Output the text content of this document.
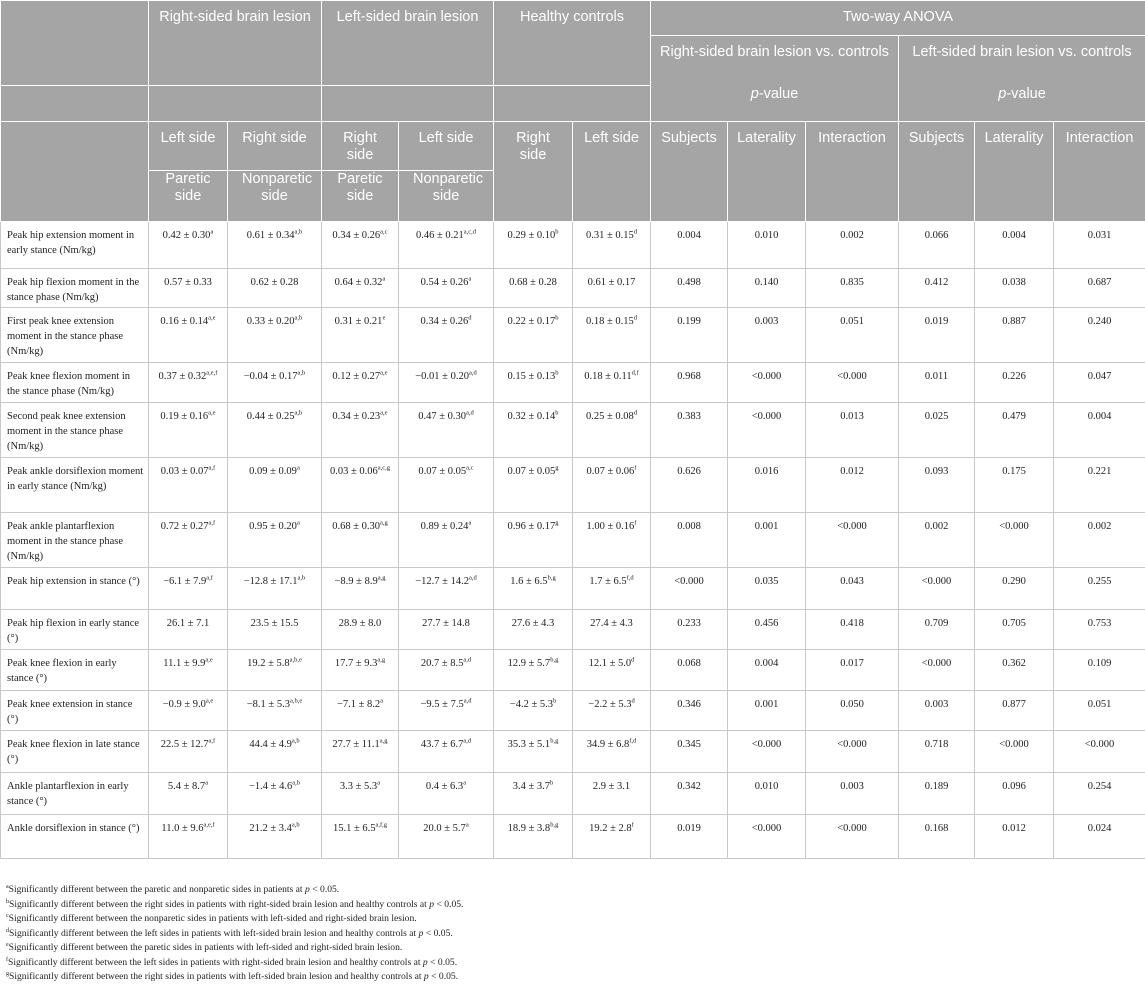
	Right-sided brain lesion		Left-sided brain lesion		Healthy controls		Two-way ANOVA					
							Right-sided brain lesion vs. controls			Left-sided brain lesion vs. controls		
							p-value			p-value		
	Left side	Right side	Right side	Left side	Right side	Left side	Subjects	Laterality	Interaction	Subjects	Laterality	Interaction
	Paretic side	Nonparetic side	Paretic side	Nonparetic side								
Peak hip extension moment in early stance (Nm/kg)	0.42 ± 0.30$^a$	$0.61 \pm 0.34^{a,b}$	$0.34 \pm 0.26^{a,c}$	$0.46 \pm 0.21^{a,c,d}$	0.29 ± 0.10$^b$	0.31 ± 0.15$^d$	0.004	0.010	0.002	0.066	0.004	0.031
Peak hip flexion moment in the stance phase (Nm/kg)	0.57 ± 0.33	0.62 ± 0.28	0.64 ± 0.32$^a$	0.54 ± 0.26$^a$	0.68 ± 0.28	0.61 ± 0.17	0.498	0.140	0.835	0.412	0.038	0.687
First peak knee extension moment in the stance phase (Nm/kg)	$0.16 \pm 0.14^{a,e}$	$0.33 \pm 0.20^{a,b}$	0.31 ± 0.21$^e$	0.34 ± 0.26$^d$	0.22 ± 0.17$^b$	0.18 ± 0.15$^d$	0.199	0.003	0.051	0.019	0.887	0.240
Peak knee flexion moment in the stance phase (Nm/kg)	$0.37 \pm 0.32^{a,e,f}$	$-0.04 \pm 0.17^{a,b}$	$0.12 \pm 0.27^{a,e}$	$-0.01 \pm 0.20^{a,d}$	0.15 ± 0.13$^b$	$0.18 \pm 0.11^{d,f}$	0.968	<0.000	<0.000	0.011	0.226	0.047
Second peak knee extension moment in the stance phase (Nm/kg)	$0.19 \pm 0.16^{a,e}$	$0.44 \pm 0.25^{a,b}$	$0.34 \pm 0.23^{a,e}$	$0.47 \pm 0.30^{a,d}$	0.32 ± 0.14$^b$	0.25 ± 0.08$^d$	0.383	<0.000	0.013	0.025	0.479	0.004
Peak ankle dorsiflexion moment in early stance (Nm/kg)	$0.03 \pm 0.07^{a,f}$	0.09 ± 0.09$^a$	$0.03 \pm 0.06^{a,c,g}$	$0.07 \pm 0.05^{a,c}$	0.07 ± 0.05$^g$	0.07 ± 0.06$^f$	0.626	0.016	0.012	0.093	0.175	0.221
Peak ankle plantarflexion moment in the stance phase (Nm/kg)	$0.72 \pm 0.27^{a,f}$	0.95 ± 0.20$^a$	$0.68 \pm 0.30^{a,g}$	0.89 ± 0.24$^a$	0.96 ± 0.17$^g$	1.00 ± 0.16$^f$	0.008	0.001	<0.000	0.002	<0.000	0.002
Peak hip extension in stance (°)	$-6.1 \pm 7.9^{a,f}$	$-12.8 \pm 17.1^{a,b}$	$-8.9 \pm 8.9^{a,g}$	$-12.7 \pm 14.2^{a,d}$	$1.6 \pm 6.5^{b,g}$	$1.7 \pm 6.5^{f,d}$	<0.000	0.035	0.043	<0.000	0.290	0.255
Peak hip flexion in early stance (°)	26.1 ± 7.1	23.5 ± 15.5	28.9 ± 8.0	27.7 ± 14.8	27.6 ± 4.3	27.4 ± 4.3	0.233	0.456	0.418	0.709	0.705	0.753
Peak knee flexion in early stance (°)	$11.1 \pm 9.9^{a,e}$	$19.2 \pm 5.8^{a,b,e}$	$17.7 \pm 9.3^{a,g}$	$20.7 \pm 8.5^{a,d}$	$12.9 \pm 5.7^{b,g}$	12.1 ± 5.0$^d$	0.068	0.004	0.017	<0.000	0.362	0.109
Peak knee extension in stance (°)	$-0.9 \pm 9.0^{a,e}$	$-8.1 \pm 5.3^{a,b,e}$	−7.1 ± 8.2$^a$	$-9.5 \pm 7.5^{a,d}$	−4.2 ± 5.3$^b$	−2.2 ± 5.3$^d$	0.346	0.001	0.050	0.003	0.877	0.051
Peak knee flexion in late stance (°)	$22.5 \pm 12.7^{a,f}$	$44.4 \pm 4.9^{a,b}$	$27.7 \pm 11.1^{a,g}$	$43.7 \pm 6.7^{a,d}$	$35.3 \pm 5.1^{b,g}$	$34.9 \pm 6.8^{f,d}$	0.345	<0.000	<0.000	0.718	<0.000	<0.000
Ankle plantarflexion in early stance (°)	5.4 ± 8.7$^a$	$-1.4 \pm 4.6^{a,b}$	3.3 ± 5.3$^a$	0.4 ± 6.3$^a$	3.4 ± 3.7$^b$	2.9 ± 3.1	0.342	0.010	0.003	0.189	0.096	0.254
Ankle dorsiflexion in stance (°)	$11.0 \pm 9.6^{a,e,f}$	$21.2 \pm 3.4^{a,b}$	$15.1 \pm 6.5^{a,f,g}$	20.0 ± 5.7$^a$	$18.9 \pm 3.8^{b,g}$	19.2 ± 2.8$^f$	0.019	<0.000	<0.000	0.168	0.012	0.024
$^a$Significantly different between the paretic and nonparetic sides in patients at p < 0.05.
$^b$Significantly different between the right sides in patients with right-sided brain lesion and healthy controls at p < 0.05.
$^c$Significantly different between the nonparetic sides in patients with left-sided and right-sided brain lesion.
$^d$Significantly different between the left sides in patients with left-sided brain lesion and healthy controls at p < 0.05.
$^e$Significantly different between the paretic sides in patients with left-sided and right-sided brain lesion.
$^f$Significantly different between the left sides in patients with right-sided brain lesion and healthy controls at p < 0.05.
$^g$Significantly different between the right sides in patients with left-sided brain lesion and healthy controls at p < 0.05.
